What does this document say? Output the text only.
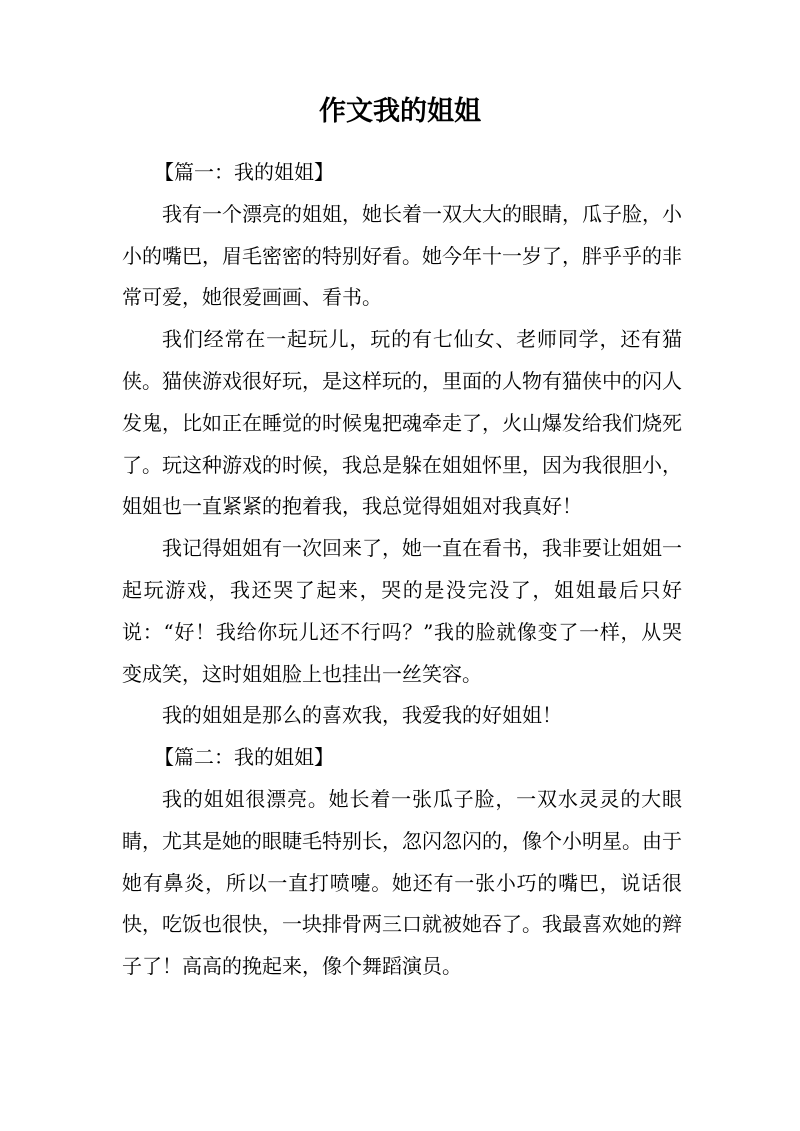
作文我的姐姐

【篇一：我的姐姐】

我有一个漂亮的姐姐，她长着一双大大的眼睛，瓜子脸，小小的嘴巴，眉毛密密的特别好看。她今年十一岁了，胖乎乎的非常可爱，她很爱画画、看书。

我们经常在一起玩儿，玩的有七仙女、老师同学，还有猫侠。猫侠游戏很好玩，是这样玩的，里面的人物有猫侠中的闪人发鬼，比如正在睡觉的时候鬼把魂牵走了，火山爆发给我们烧死了。玩这种游戏的时候，我总是躲在姐姐怀里，因为我很胆小，姐姐也一直紧紧的抱着我，我总觉得姐姐对我真好！

我记得姐姐有一次回来了，她一直在看书，我非要让姐姐一起玩游戏，我还哭了起来，哭的是没完没了，姐姐最后只好说：“好！我给你玩儿还不行吗？”我的脸就像变了一样，从哭变成笑，这时姐姐脸上也挂出一丝笑容。

我的姐姐是那么的喜欢我，我爱我的好姐姐！

【篇二：我的姐姐】

我的姐姐很漂亮。她长着一张瓜子脸，一双水灵灵的大眼睛，尤其是她的眼睫毛特别长，忽闪忽闪的，像个小明星。由于她有鼻炎，所以一直打喷嚏。她还有一张小巧的嘴巴，说话很快，吃饭也很快，一块排骨两三口就被她吞了。我最喜欢她的辫子了！高高的挽起来，像个舞蹈演员。
